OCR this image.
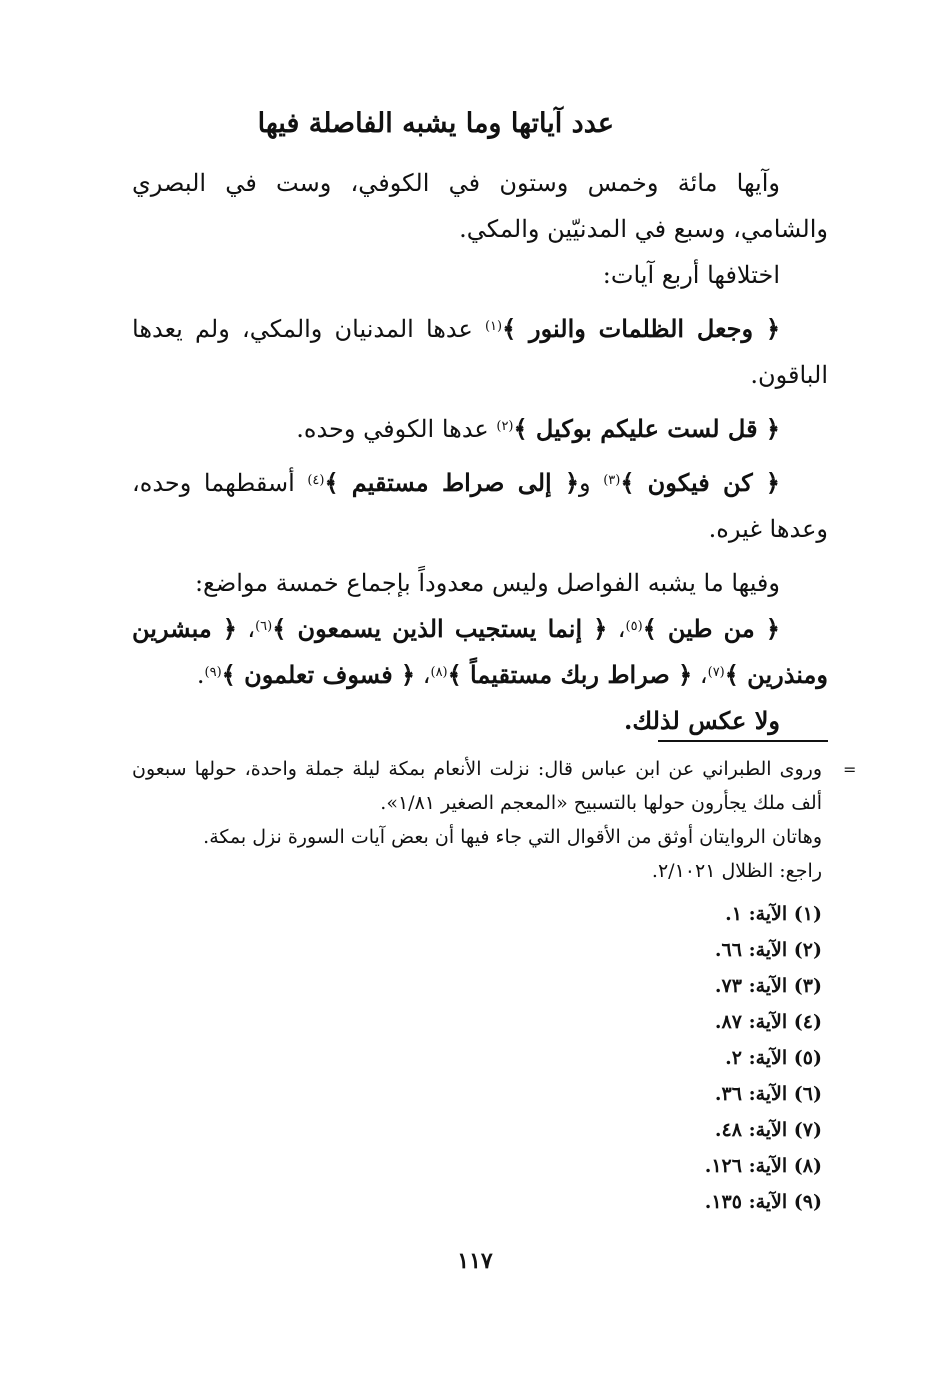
عدد آياتها وما يشبه الفاصلة فيها

وآيها مائة وخمس وستون في الكوفي، وست في البصري والشامي، وسبع في المدنيّين والمكي.

اختلافها أربع آيات:

﴿ وجعل الظلمات والنور ﴾$^{(١)}$ عدها المدنيان والمكي، ولم يعدها الباقون.

﴿ قل لست عليكم بوكيل ﴾$^{(٢)}$ عدها الكوفي وحده.

﴿ كن فيكون ﴾$^{(٣)}$ و﴿ إلى صراط مستقيم ﴾$^{(٤)}$ أسقطهما وحده، وعدها غيره.

وفيها ما يشبه الفواصل وليس معدوداً بإجماع خمسة مواضع:

﴿ من طين ﴾$^{(٥)}$، ﴿ إنما يستجيب الذين يسمعون ﴾$^{(٦)}$، ﴿ مبشرين ومنذرين ﴾$^{(٧)}$، ﴿ صراط ربك مستقيماً ﴾$^{(٨)}$، ﴿ فسوف تعلمون ﴾$^{(٩)}$.

ولا عكس لذلك.

=

وروى الطبراني عن ابن عباس قال: نزلت الأنعام بمكة ليلة جملة واحدة، حولها سبعون ألف ملك يجأرون حولها بالتسبيح «المعجم الصغير ١/٨١».

وهاتان الروايتان أوثق من الأقوال التي جاء فيها أن بعض آيات السورة نزل بمكة.

راجع: الظلال ٢/١٠٢١.

(١) الآية: ١.
(٢) الآية: ٦٦.
(٣) الآية: ٧٣.
(٤) الآية: ٨٧.
(٥) الآية: ٢.
(٦) الآية: ٣٦.
(٧) الآية: ٤٨.
(٨) الآية: ١٢٦.
(٩) الآية: ١٣٥.
١١٧
